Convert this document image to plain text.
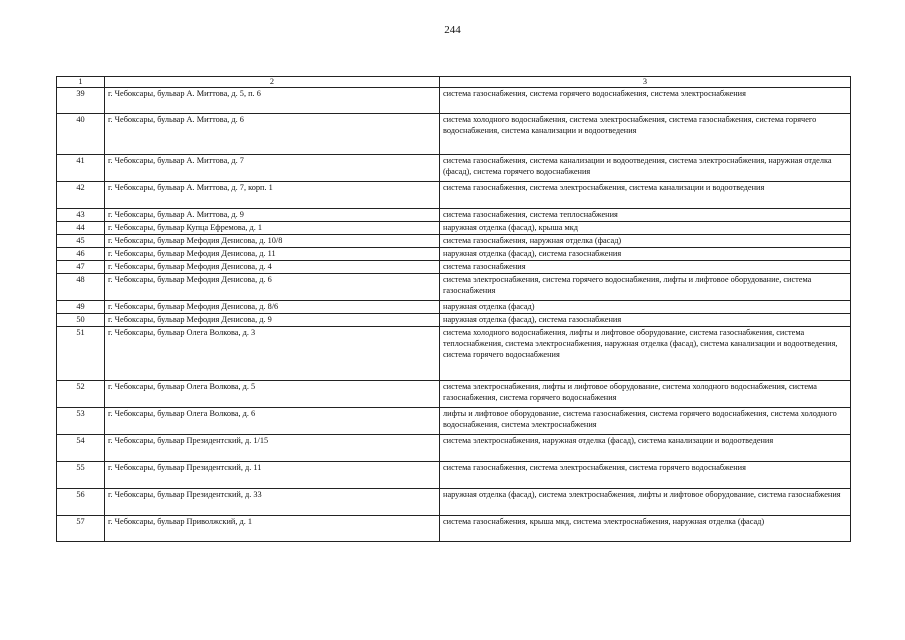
244
1	2	3
39	г. Чебоксары, бульвар А. Миттова, д. 5, п. 6	система газоснабжения, система горячего водоснабжения, система электроснабжения
40	г. Чебоксары, бульвар А. Миттова, д. 6	система холодного водоснабжения, система электроснабжения, система газоснабжения, система горячего водоснабжения, система канализации и водоотведения
41	г. Чебоксары, бульвар А. Миттова, д. 7	система газоснабжения, система канализации и водоотведения, система электроснабжения, наружная отделка (фасад), система горячего водоснабжения
42	г. Чебоксары, бульвар А. Миттова, д. 7, корп. 1	система газоснабжения, система электроснабжения, система канализации и водоотведения
43	г. Чебоксары, бульвар А. Миттова, д. 9	система газоснабжения, система теплоснабжения
44	г. Чебоксары, бульвар Купца Ефремова, д. 1	наружная отделка (фасад), крыша мкд
45	г. Чебоксары, бульвар Мефодия Денисова, д. 10/8	система газоснабжения, наружная отделка (фасад)
46	г. Чебоксары, бульвар Мефодия Денисова, д. 11	наружная отделка (фасад), система газоснабжения
47	г. Чебоксары, бульвар Мефодия Денисова, д. 4	система газоснабжения
48	г. Чебоксары, бульвар Мефодия Денисова, д. 6	система электроснабжения, система горячего водоснабжения, лифты и лифтовое оборудование, система газоснабжения
49	г. Чебоксары, бульвар Мефодия Денисова, д. 8/6	наружная отделка (фасад)
50	г. Чебоксары, бульвар Мефодия Денисова, д. 9	наружная отделка (фасад), система газоснабжения
51	г. Чебоксары, бульвар Олега Волкова, д. 3	система холодного водоснабжения, лифты и лифтовое оборудование, система газоснабжения, система теплоснабжения, система электроснабжения, наружная отделка (фасад), система канализации и водоотведения, система горячего водоснабжения
52	г. Чебоксары, бульвар Олега Волкова, д. 5	система электроснабжения, лифты и лифтовое оборудование, система холодного водоснабжения, система газоснабжения, система горячего водоснабжения
53	г. Чебоксары, бульвар Олега Волкова, д. 6	лифты и лифтовое оборудование, система газоснабжения, система горячего водоснабжения, система холодного водоснабжения, система электроснабжения
54	г. Чебоксары, бульвар Президентский, д. 1/15	система электроснабжения, наружная отделка (фасад), система канализации и водоотведения
55	г. Чебоксары, бульвар Президентский, д. 11	система газоснабжения, система электроснабжения, система горячего водоснабжения
56	г. Чебоксары, бульвар Президентский, д. 33	наружная отделка (фасад), система электроснабжения, лифты и лифтовое оборудование, система газоснабжения
57	г. Чебоксары, бульвар Приволжский, д. 1	система газоснабжения, крыша мкд, система электроснабжения, наружная отделка (фасад)
